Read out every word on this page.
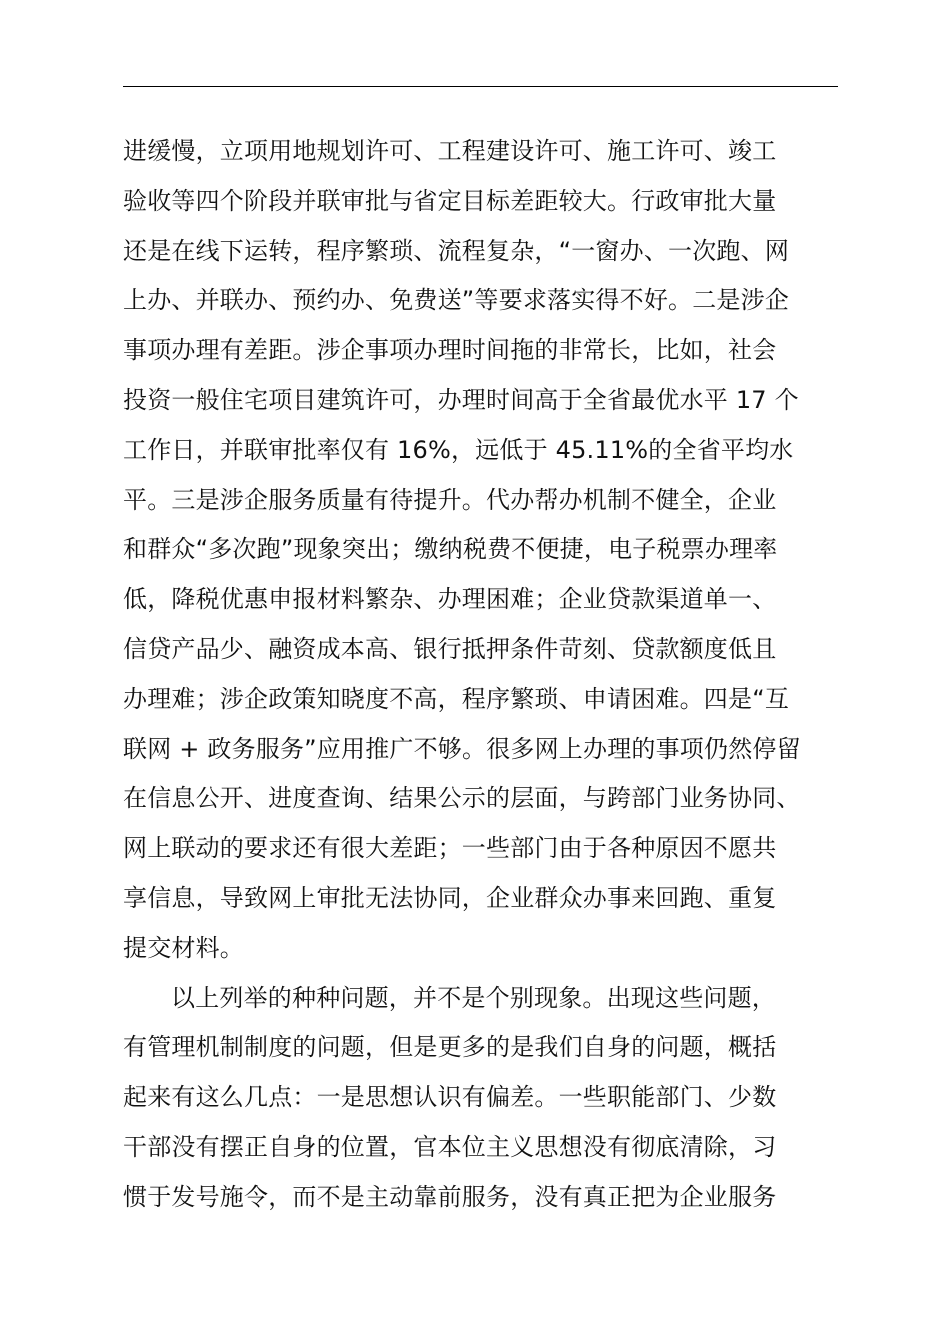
进缓慢，立项用地规划许可、工程建设许可、施工许可、竣工
验收等四个阶段并联审批与省定目标差距较大。行政审批大量
还是在线下运转，程序繁琐、流程复杂，“一窗办、一次跑、网
上办、并联办、预约办、免费送”等要求落实得不好。二是涉企
事项办理有差距。涉企事项办理时间拖的非常长，比如，社会
投资一般住宅项目建筑许可，办理时间高于全省最优水平 17 个
工作日，并联审批率仅有 16%，远低于 45.11%的全省平均水
平。三是涉企服务质量有待提升。代办帮办机制不健全，企业
和群众“多次跑”现象突出；缴纳税费不便捷，电子税票办理率
低，降税优惠申报材料繁杂、办理困难；企业贷款渠道单一、
信贷产品少、融资成本高、银行抵押条件苛刻、贷款额度低且
办理难；涉企政策知晓度不高，程序繁琐、申请困难。四是“互
联网 + 政务服务”应用推广不够。很多网上办理的事项仍然停留
在信息公开、进度查询、结果公示的层面，与跨部门业务协同、
网上联动的要求还有很大差距；一些部门由于各种原因不愿共
享信息，导致网上审批无法协同，企业群众办事来回跑、重复
提交材料。
以上列举的种种问题，并不是个别现象。出现这些问题，
有管理机制制度的问题，但是更多的是我们自身的问题，概括
起来有这么几点：一是思想认识有偏差。一些职能部门、少数
干部没有摆正自身的位置，官本位主义思想没有彻底清除，习
惯于发号施令，而不是主动靠前服务，没有真正把为企业服务
